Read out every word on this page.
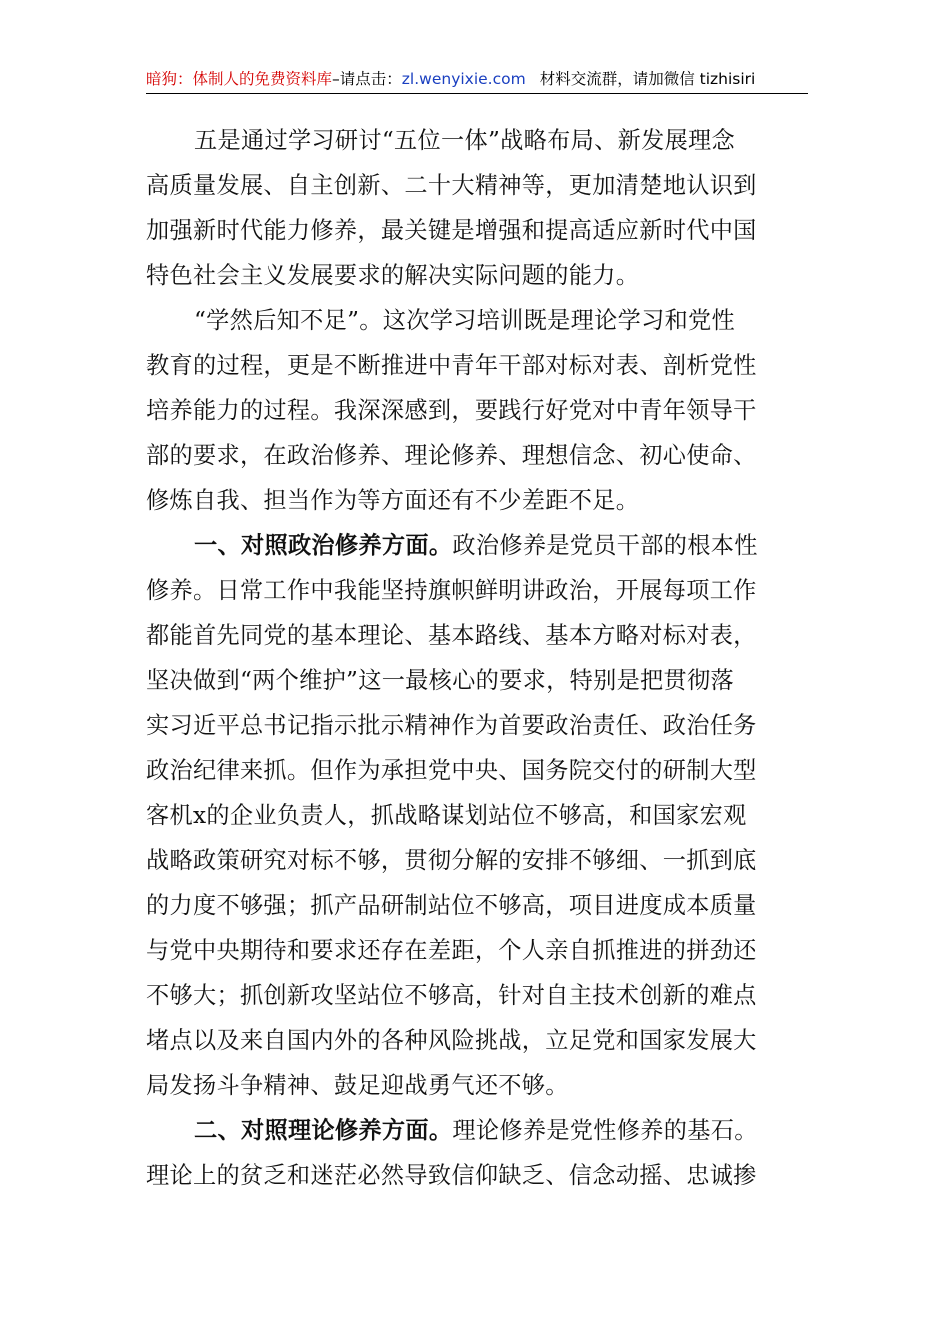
暗狗：体制人的免费资料库–请点击：zl.wenyixie.com 材料交流群，请加微信 tizhisiri
五是通过学习研讨“五位一体”战略布局、新发展理念
高质量发展、自主创新、二十大精神等，更加清楚地认识到
加强新时代能力修养，最关键是增强和提高适应新时代中国
特色社会主义发展要求的解决实际问题的能力。
“学然后知不足”。这次学习培训既是理论学习和党性
教育的过程，更是不断推进中青年干部对标对表、剖析党性
培养能力的过程。我深深感到，要践行好党对中青年领导干
部的要求，在政治修养、理论修养、理想信念、初心使命、
修炼自我、担当作为等方面还有不少差距不足。
一、对照政治修养方面。政治修养是党员干部的根本性
修养。日常工作中我能坚持旗帜鲜明讲政治，开展每项工作
都能首先同党的基本理论、基本路线、基本方略对标对表，
坚决做到“两个维护”这一最核心的要求，特别是把贯彻落
实习近平总书记指示批示精神作为首要政治责任、政治任务
政治纪律来抓。但作为承担党中央、国务院交付的研制大型
客机x的企业负责人，抓战略谋划站位不够高，和国家宏观
战略政策研究对标不够，贯彻分解的安排不够细、一抓到底
的力度不够强；抓产品研制站位不够高，项目进度成本质量
与党中央期待和要求还存在差距，个人亲自抓推进的拼劲还
不够大；抓创新攻坚站位不够高，针对自主技术创新的难点
堵点以及来自国内外的各种风险挑战，立足党和国家发展大
局发扬斗争精神、鼓足迎战勇气还不够。
二、对照理论修养方面。理论修养是党性修养的基石。
理论上的贫乏和迷茫必然导致信仰缺乏、信念动摇、忠诚掺
